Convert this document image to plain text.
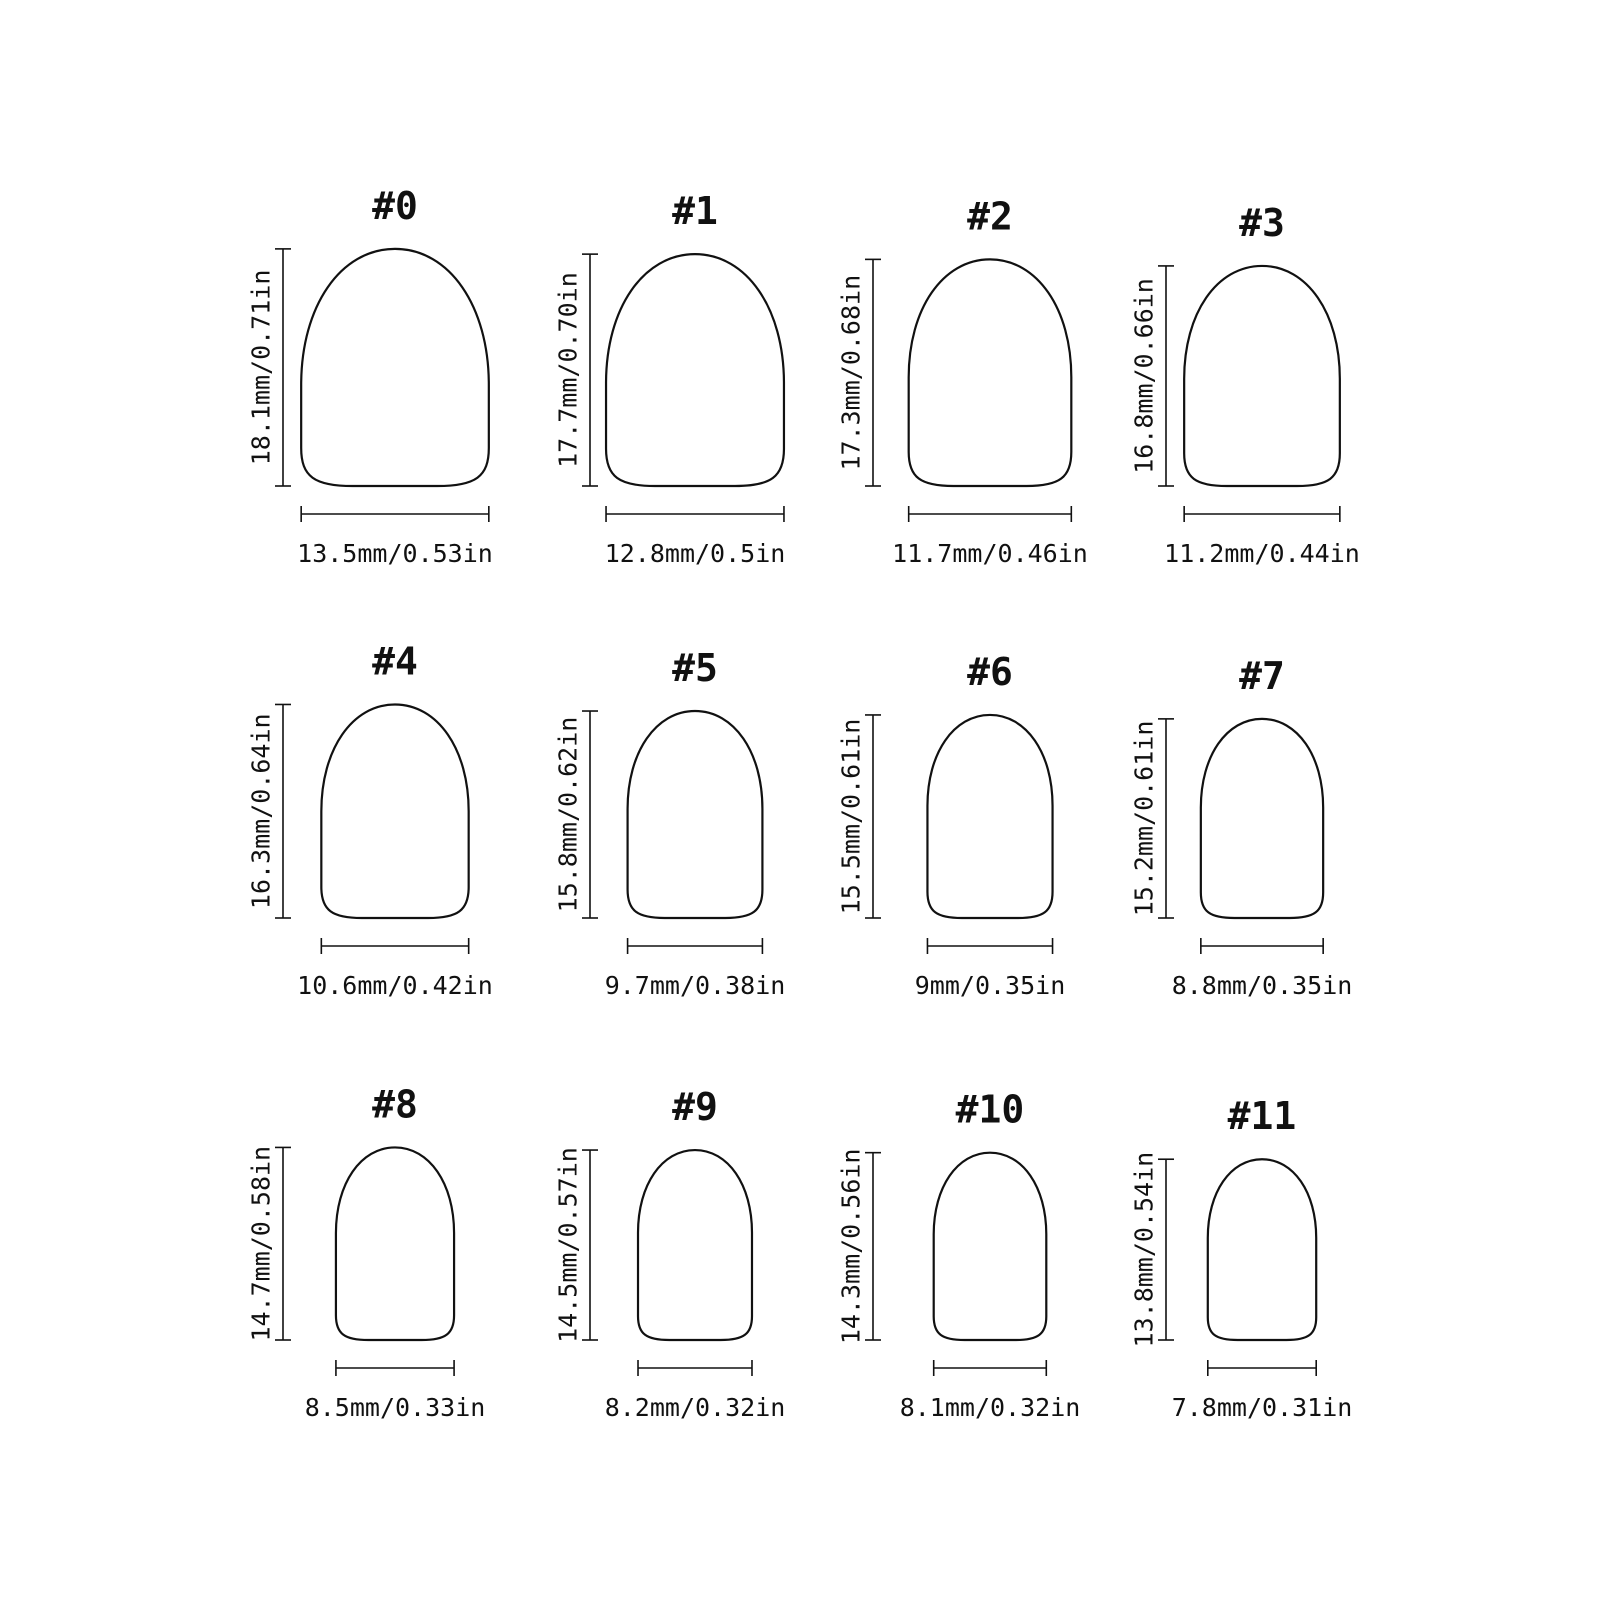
#0
18.1mm/0.71in
13.5mm/0.53in
#1
17.7mm/0.70in
12.8mm/0.5in
#2
17.3mm/0.68in
11.7mm/0.46in
#3
16.8mm/0.66in
11.2mm/0.44in
#4
16.3mm/0.64in
10.6mm/0.42in
#5
15.8mm/0.62in
9.7mm/0.38in
#6
15.5mm/0.61in
9mm/0.35in
#7
15.2mm/0.61in
8.8mm/0.35in
#8
14.7mm/0.58in
8.5mm/0.33in
#9
14.5mm/0.57in
8.2mm/0.32in
#10
14.3mm/0.56in
8.1mm/0.32in
#11
13.8mm/0.54in
7.8mm/0.31in
